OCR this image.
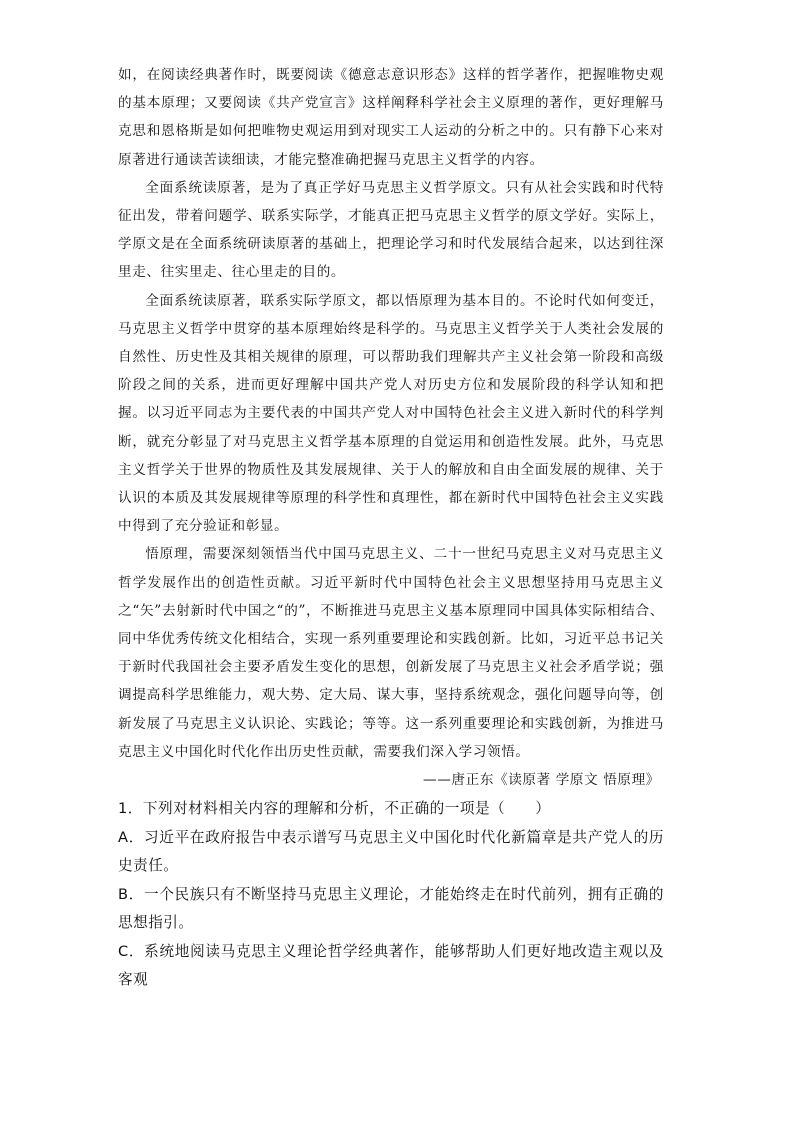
如，在阅读经典著作时，既要阅读《德意志意识形态》这样的哲学著作，把握唯物史观的基本原理；又要阅读《共产党宣言》这样阐释科学社会主义原理的著作，更好理解马克思和恩格斯是如何把唯物史观运用到对现实工人运动的分析之中的。只有静下心来对原著进行通读苦读细读，才能完整准确把握马克思主义哲学的内容。

全面系统读原著，是为了真正学好马克思主义哲学原文。只有从社会实践和时代特征出发，带着问题学、联系实际学，才能真正把马克思主义哲学的原文学好。实际上，学原文是在全面系统研读原著的基础上，把理论学习和时代发展结合起来，以达到往深里走、往实里走、往心里走的目的。

全面系统读原著，联系实际学原文，都以悟原理为基本目的。不论时代如何变迁，马克思主义哲学中贯穿的基本原理始终是科学的。马克思主义哲学关于人类社会发展的自然性、历史性及其相关规律的原理，可以帮助我们理解共产主义社会第一阶段和高级阶段之间的关系，进而更好理解中国共产党人对历史方位和发展阶段的科学认知和把握。以习近平同志为主要代表的中国共产党人对中国特色社会主义进入新时代的科学判断，就充分彰显了对马克思主义哲学基本原理的自觉运用和创造性发展。此外，马克思主义哲学关于世界的物质性及其发展规律、关于人的解放和自由全面发展的规律、关于认识的本质及其发展规律等原理的科学性和真理性，都在新时代中国特色社会主义实践中得到了充分验证和彰显。

悟原理，需要深刻领悟当代中国马克思主义、二十一世纪马克思主义对马克思主义哲学发展作出的创造性贡献。习近平新时代中国特色社会主义思想坚持用马克思主义之“矢”去射新时代中国之“的”，不断推进马克思主义基本原理同中国具体实际相结合、同中华优秀传统文化相结合，实现一系列重要理论和实践创新。比如，习近平总书记关于新时代我国社会主要矛盾发生变化的思想，创新发展了马克思主义社会矛盾学说；强调提高科学思维能力，观大势、定大局、谋大事，坚持系统观念，强化问题导向等，创新发展了马克思主义认识论、实践论；等等。这一系列重要理论和实践创新，为推进马克思主义中国化时代化作出历史性贡献，需要我们深入学习领悟。

——唐正东《读原著 学原文 悟原理》

1．下列对材料相关内容的理解和分析，不正确的一项是（　　）

A．习近平在政府报告中表示谱写马克思主义中国化时代化新篇章是共产党人的历史责任。

B．一个民族只有不断坚持马克思主义理论，才能始终走在时代前列，拥有正确的思想指引。

C．系统地阅读马克思主义理论哲学经典著作，能够帮助人们更好地改造主观以及客观
